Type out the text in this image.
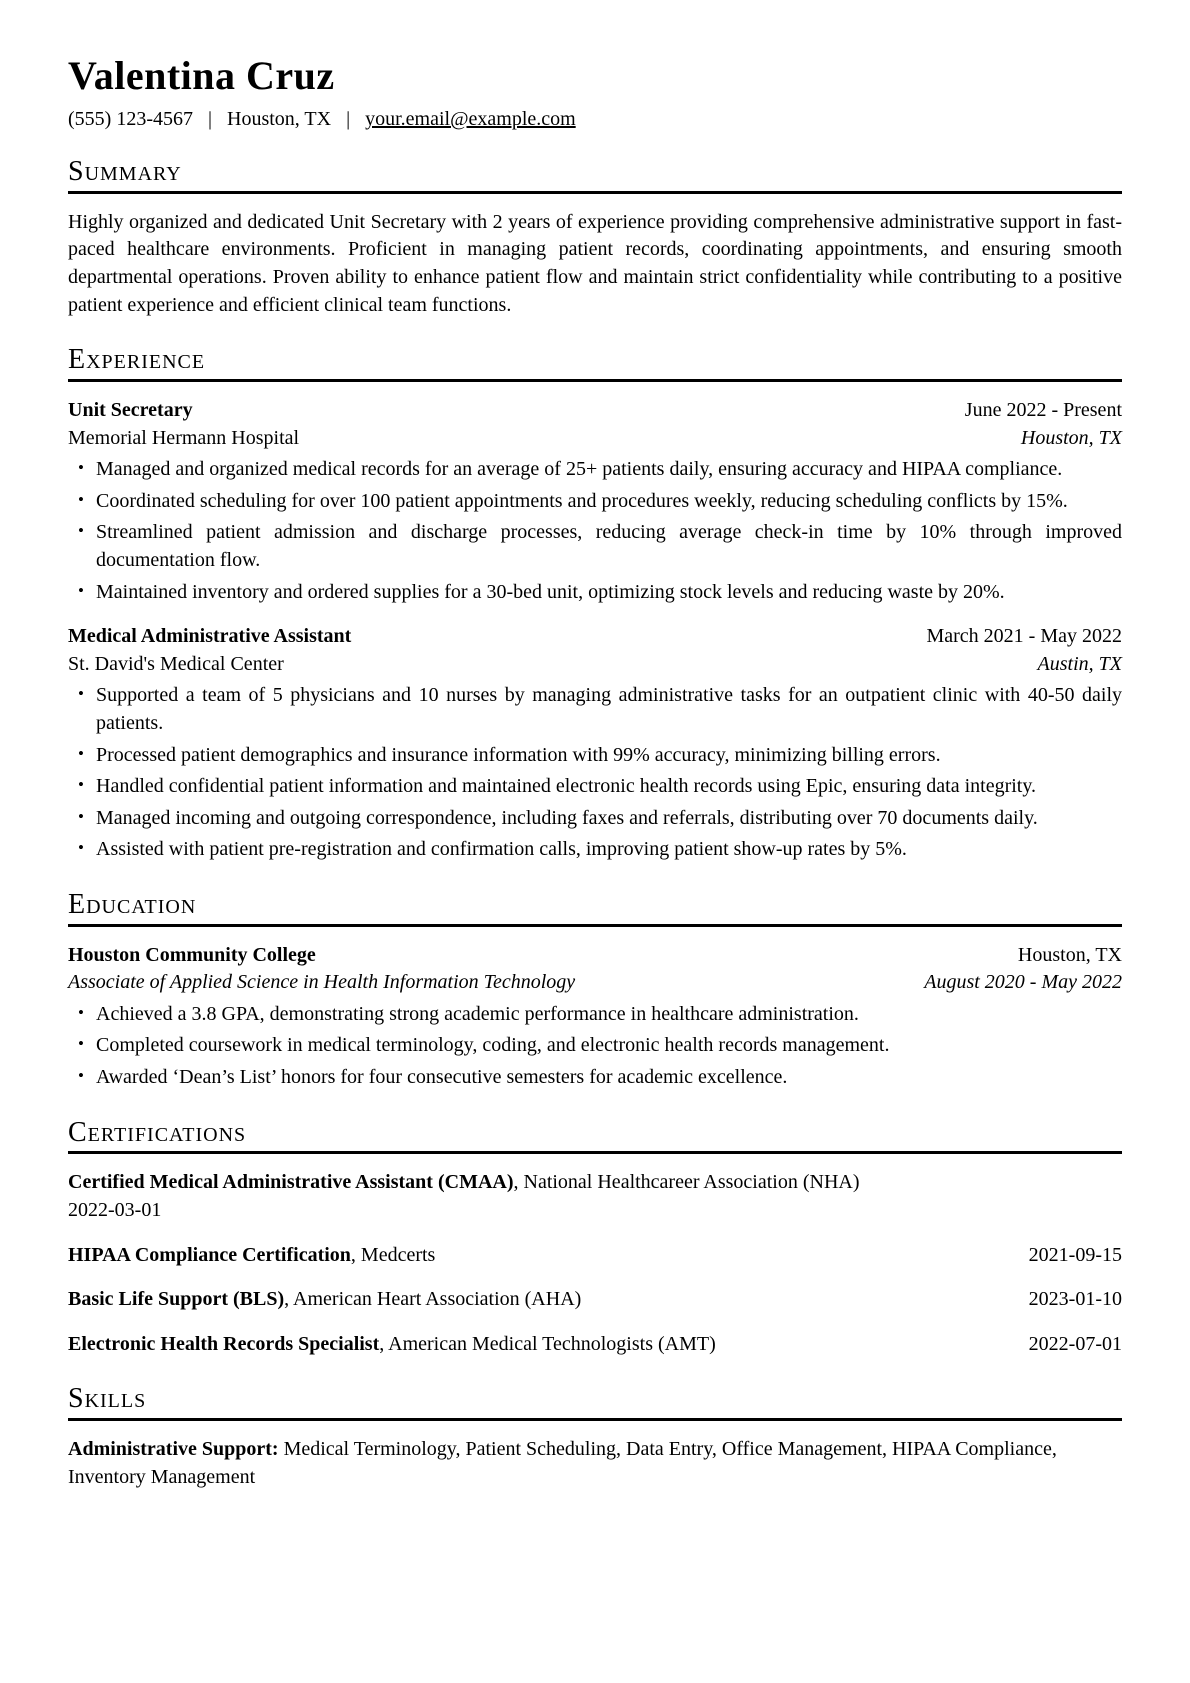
Valentina Cruz
(555) 123-4567 | Houston, TX | your.email@example.com
Summary

Highly organized and dedicated Unit Secretary with 2 years of experience providing comprehensive administrative support in fast-paced healthcare environments. Proficient in managing patient records, coordinating appointments, and ensuring smooth departmental operations. Proven ability to enhance patient flow and maintain strict confidentiality while contributing to a positive patient experience and efficient clinical team functions.

Experience
Unit Secretary	June 2022 - Present
Memorial Hermann Hospital	Houston, TX
• Managed and organized medical records for an average of 25+ patients daily, ensuring accuracy and HIPAA compliance.
• Coordinated scheduling for over 100 patient appointments and procedures weekly, reducing scheduling conflicts by 15%.
• Streamlined patient admission and discharge processes, reducing average check-in time by 10% through improved documentation flow.
• Maintained inventory and ordered supplies for a 30-bed unit, optimizing stock levels and reducing waste by 20%.
Medical Administrative Assistant	March 2021 - May 2022
St. David's Medical Center	Austin, TX
• Supported a team of 5 physicians and 10 nurses by managing administrative tasks for an outpatient clinic with 40-50 daily patients.
• Processed patient demographics and insurance information with 99% accuracy, minimizing billing errors.
• Handled confidential patient information and maintained electronic health records using Epic, ensuring data integrity.
• Managed incoming and outgoing correspondence, including faxes and referrals, distributing over 70 documents daily.
• Assisted with patient pre-registration and confirmation calls, improving patient show-up rates by 5%.
Education
Houston Community College	Houston, TX
Associate of Applied Science in Health Information Technology	August 2020 - May 2022
• Achieved a 3.8 GPA, demonstrating strong academic performance in healthcare administration.
• Completed coursework in medical terminology, coding, and electronic health records management.
• Awarded ‘Dean’s List’ honors for four consecutive semesters for academic excellence.
Certifications
Certified Medical Administrative Assistant (CMAA), National Healthcareer Association (NHA)
2022-03-01
HIPAA Compliance Certification, Medcerts	2021-09-15
Basic Life Support (BLS), American Heart Association (AHA)	2023-01-10
Electronic Health Records Specialist, American Medical Technologists (AMT)	2022-07-01
Skills

Administrative Support: Medical Terminology, Patient Scheduling, Data Entry, Office Management, HIPAA Compliance, Inventory Management
